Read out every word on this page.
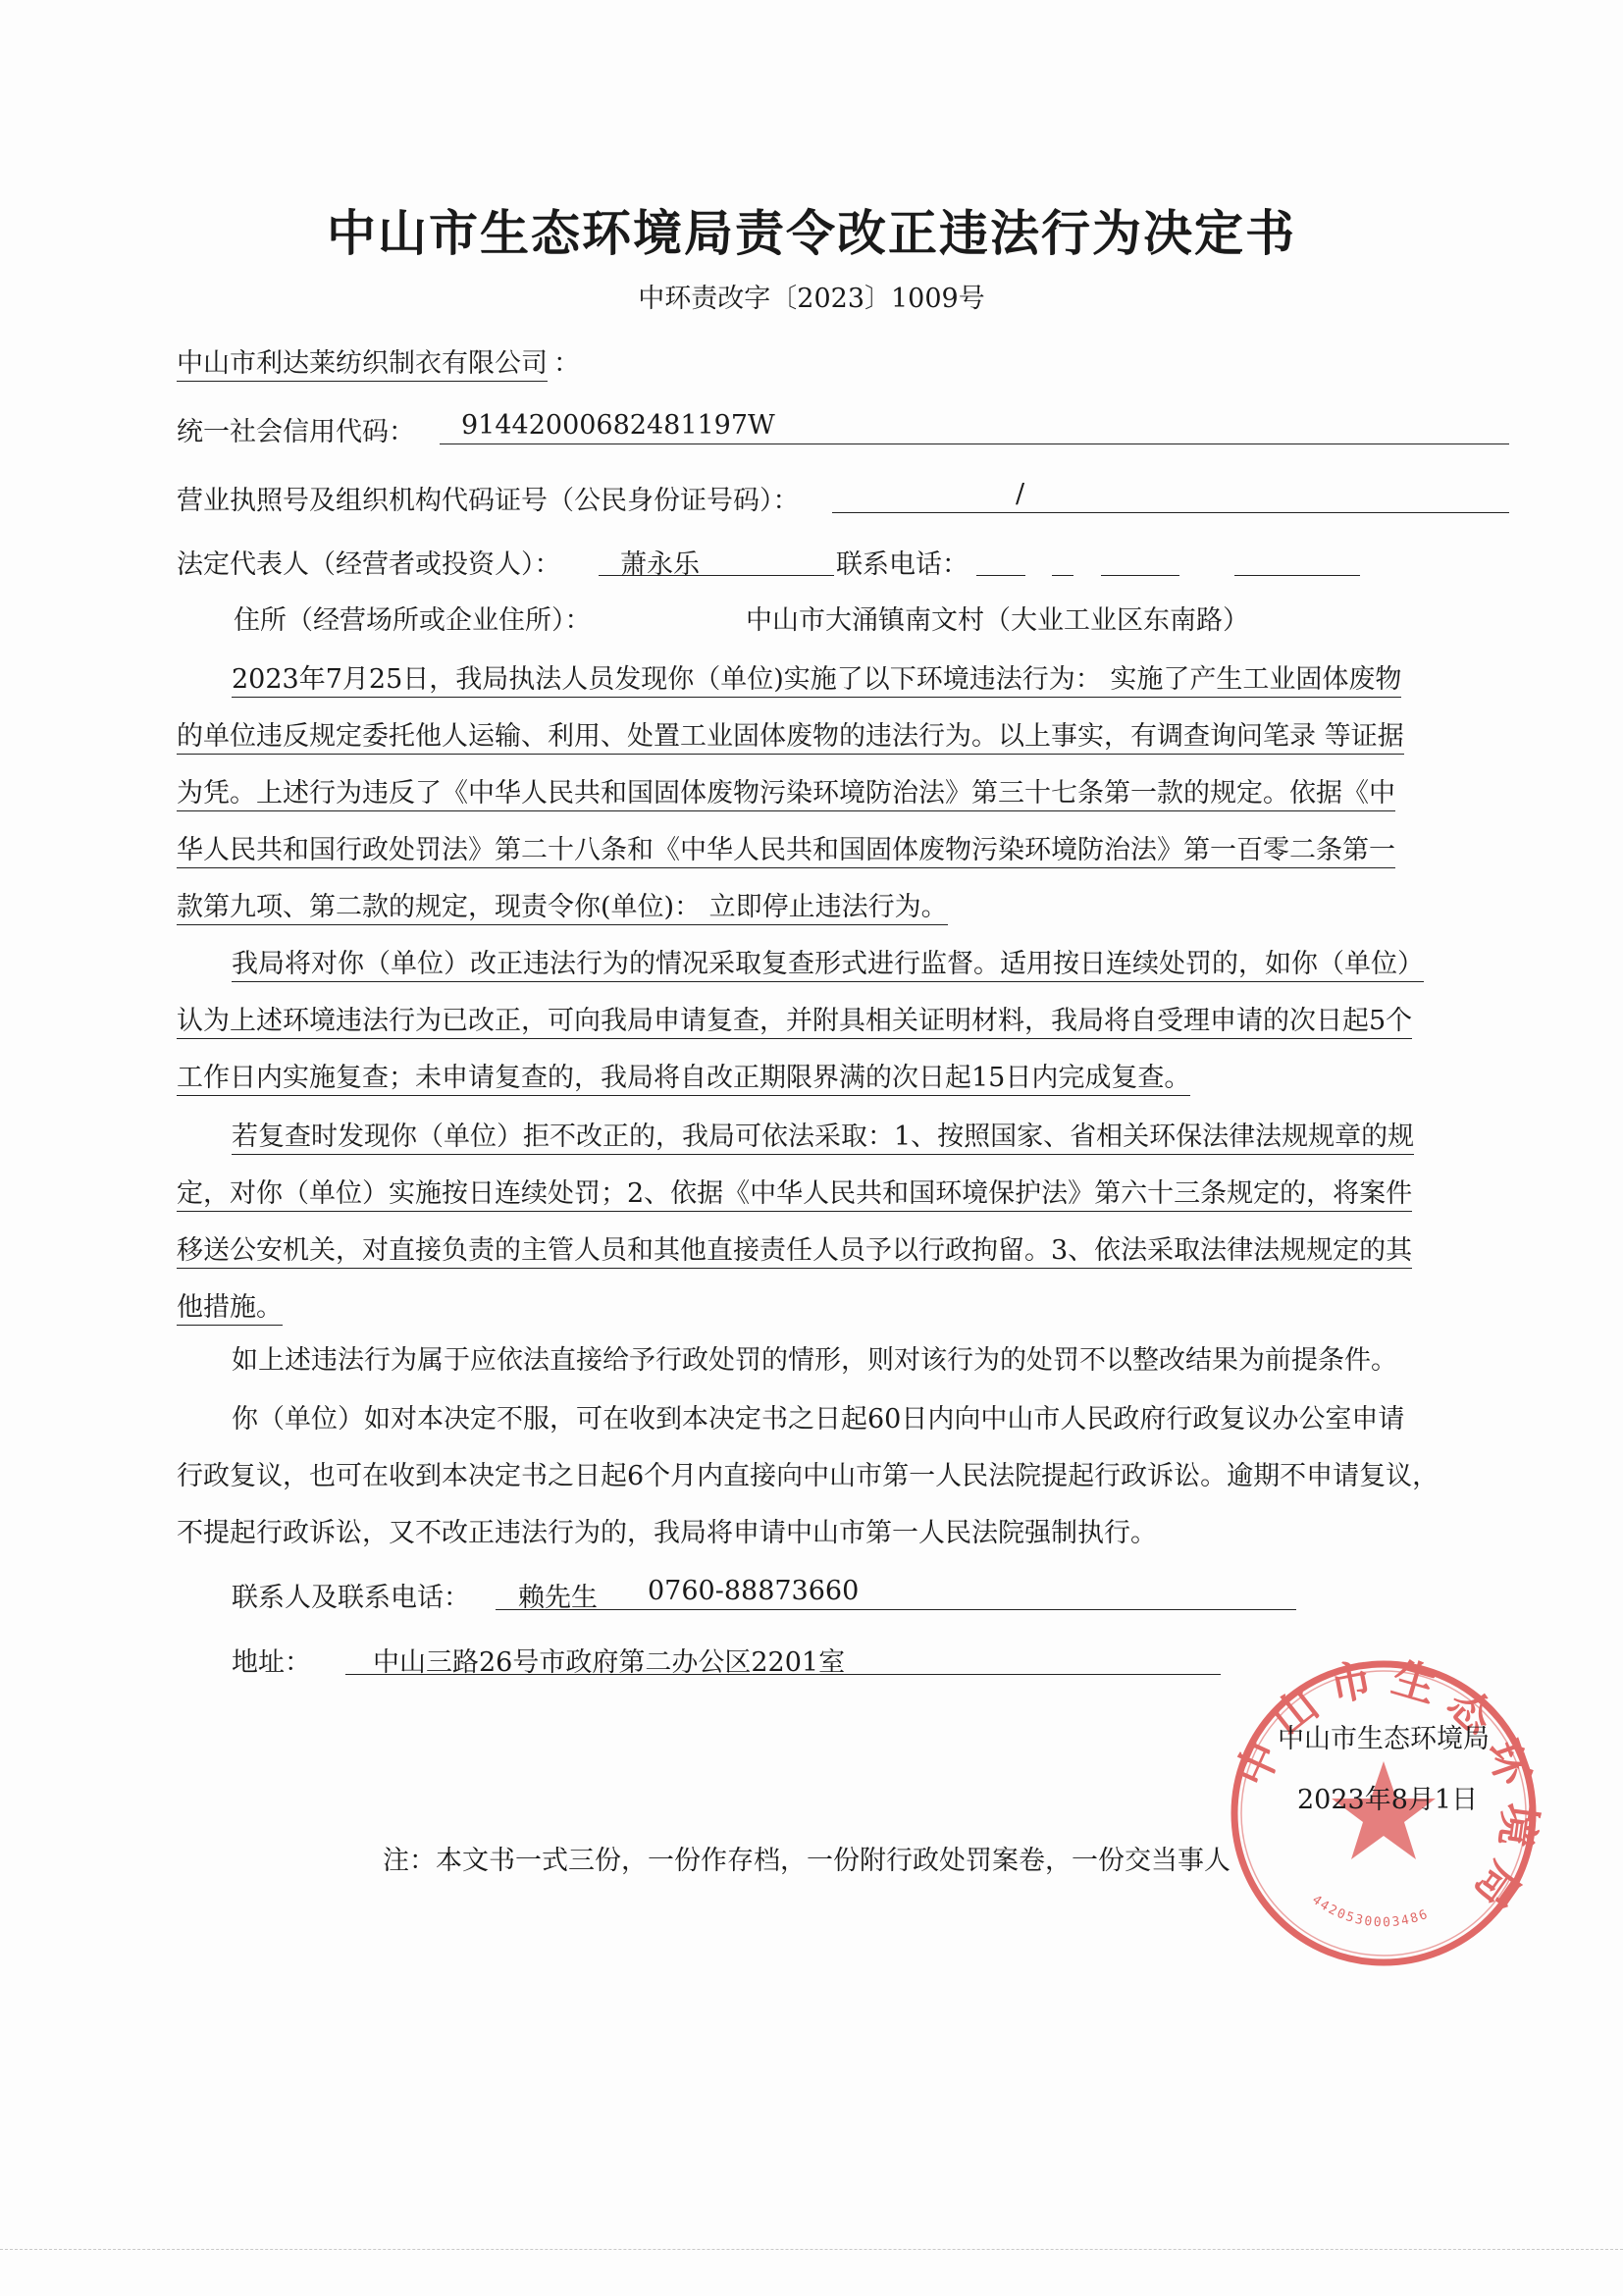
中山市生态环境局责令改正违法行为决定书
中环责改字〔2023〕1009号
中山市利达莱纺织制衣有限公司 ：
统一社会信用代码： 91442000682481197W
营业执照号及组织机构代码证号（公民身份证号码）：	/
法定代表人（经营者或投资人）： 萧永乐	联系电话：
住所（经营场所或企业住所）：	中山市大涌镇南文村（大业工业区东南路）
2023年7月25日，我局执法人员发现你（单位)实施了以下环境违法行为： 实施了产生工业固体废物
的单位违反规定委托他人运输、利用、处置工业固体废物的违法行为。以上事实，有调查询问笔录 等证据
为凭。上述行为违反了《中华人民共和国固体废物污染环境防治法》第三十七条第一款的规定。依据《中
华人民共和国行政处罚法》第二十八条和《中华人民共和国固体废物污染环境防治法》第一百零二条第一
款第九项、第二款的规定，现责令你(单位)： 立即停止违法行为。
我局将对你（单位）改正违法行为的情况采取复查形式进行监督。适用按日连续处罚的，如你（单位）
认为上述环境违法行为已改正，可向我局申请复查，并附具相关证明材料，我局将自受理申请的次日起5个
工作日内实施复查；未申请复查的，我局将自改正期限界满的次日起15日内完成复查。
若复查时发现你（单位）拒不改正的，我局可依法采取：1、按照国家、省相关环保法律法规规章的规
定，对你（单位）实施按日连续处罚；2、依据《中华人民共和国环境保护法》第六十三条规定的，将案件
移送公安机关，对直接负责的主管人员和其他直接责任人员予以行政拘留。3、依法采取法律法规规定的其
他措施。
如上述违法行为属于应依法直接给予行政处罚的情形，则对该行为的处罚不以整改结果为前提条件。
你（单位）如对本决定不服，可在收到本决定书之日起60日内向中山市人民政府行政复议办公室申请
行政复议，也可在收到本决定书之日起6个月内直接向中山市第一人民法院提起行政诉讼。逾期不申请复议，
不提起行政诉讼，又不改正违法行为的，我局将申请中山市第一人民法院强制执行。
联系人及联系电话： 赖先生 0760-88873660
地址： 中山三路26号市政府第二办公区2201室
中山市生态环境局
4420530003486
中山市生态环境局
2023年8月1日
注：本文书一式三份，一份作存档，一份附行政处罚案卷，一份交当事人
